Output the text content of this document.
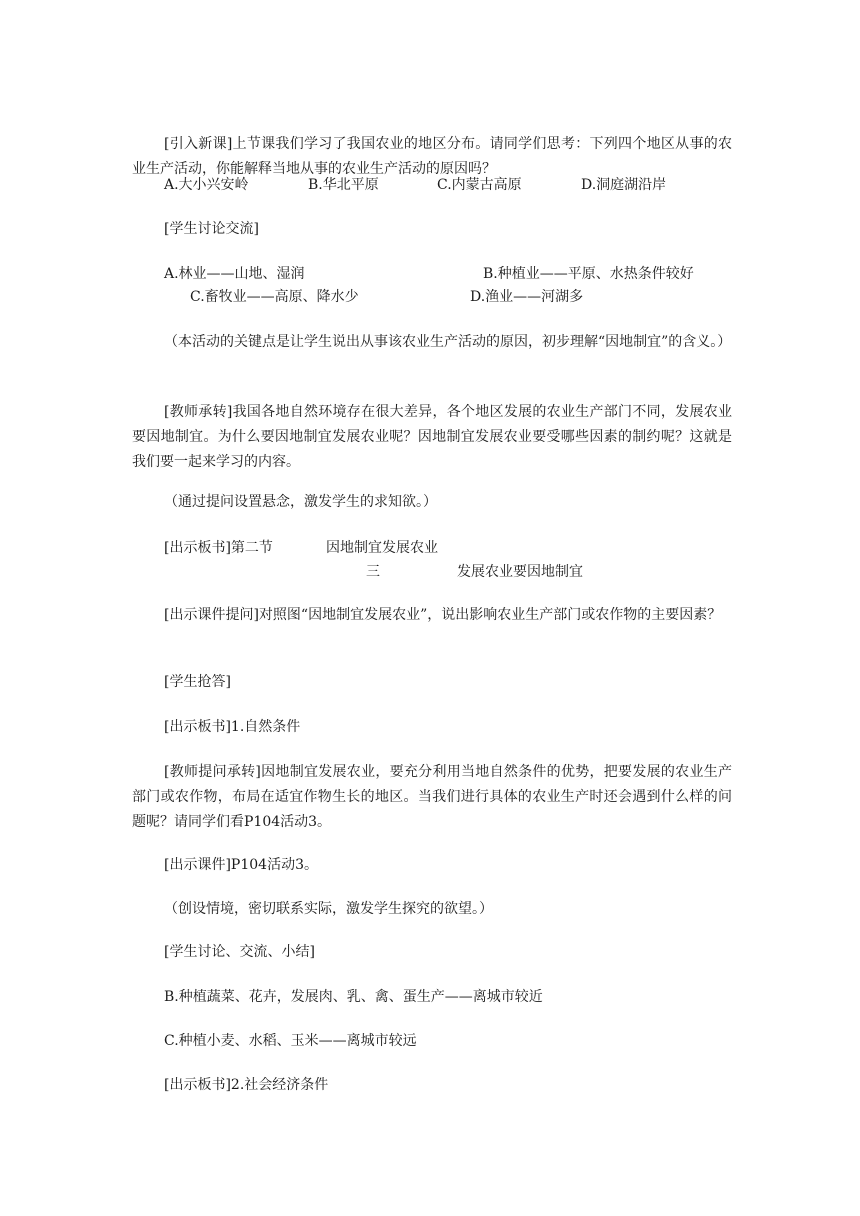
[引入新课]上节课我们学习了我国农业的地区分布。请同学们思考：下列四个地区从事的农业生产活动，你能解释当地从事的农业生产活动的原因吗？

A.大小兴安岭	B.华北平原	C.内蒙古高原	D.洞庭湖沿岸

[学生讨论交流]

A.林业——山地、湿润	B.种植业——平原、水热条件较好
C.畜牧业——高原、降水少	D.渔业——河湖多

（本活动的关键点是让学生说出从事该农业生产活动的原因，初步理解“因地制宜”的含义。）

[教师承转]我国各地自然环境存在很大差异，各个地区发展的农业生产部门不同，发展农业要因地制宜。为什么要因地制宜发展农业呢？因地制宜发展农业要受哪些因素的制约呢？这就是我们要一起来学习的内容。

（通过提问设置悬念，激发学生的求知欲。）

[出示板书]第二节	因地制宜发展农业
三	发展农业要因地制宜

[出示课件提问]对照图“因地制宜发展农业”，说出影响农业生产部门或农作物的主要因素？

[学生抢答]

[出示板书]1.自然条件

[教师提问承转]因地制宜发展农业，要充分利用当地自然条件的优势，把要发展的农业生产部门或农作物，布局在适宜作物生长的地区。当我们进行具体的农业生产时还会遇到什么样的问题呢？请同学们看P104活动3。

[出示课件]P104活动3。

（创设情境，密切联系实际，激发学生探究的欲望。）

[学生讨论、交流、小结]

B.种植蔬菜、花卉，发展肉、乳、禽、蛋生产——离城市较近

C.种植小麦、水稻、玉米——离城市较远

[出示板书]2.社会经济条件
